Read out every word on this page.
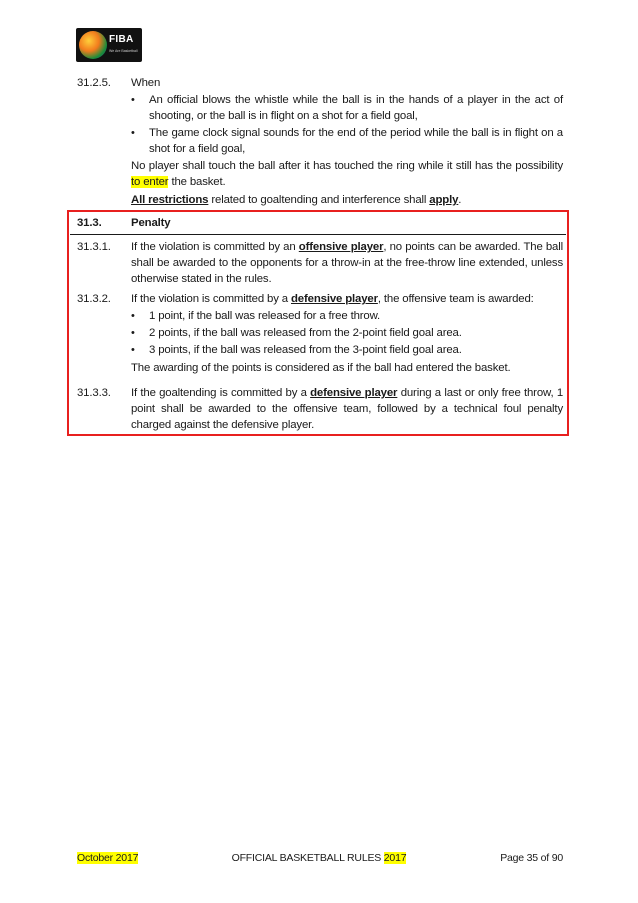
FIBA
We Are Basketball
31.2.5. When
• An official blows the whistle while the ball is in the hands of a player in the act of shooting, or the ball is in flight on a shot for a field goal,
• The game clock signal sounds for the end of the period while the ball is in flight on a shot for a field goal,
No player shall touch the ball after it has touched the ring while it still has the possibility to enter the basket.
All restrictions related to goaltending and interference shall apply.
31.3.	Penalty
31.3.1. If the violation is committed by an offensive player, no points can be awarded. The ball shall be awarded to the opponents for a throw-in at the free-throw line extended, unless otherwise stated in the rules.
31.3.2. If the violation is committed by a defensive player, the offensive team is awarded:
• 1 point, if the ball was released for a free throw.
• 2 points, if the ball was released from the 2-point field goal area.
• 3 points, if the ball was released from the 3-point field goal area.
The awarding of the points is considered as if the ball had entered the basket.
31.3.3. If the goaltending is committed by a defensive player during a last or only free throw, 1 point shall be awarded to the offensive team, followed by a technical foul penalty charged against the defensive player.
October 2017	OFFICIAL BASKETBALL RULES 2017	Page 35 of 90
